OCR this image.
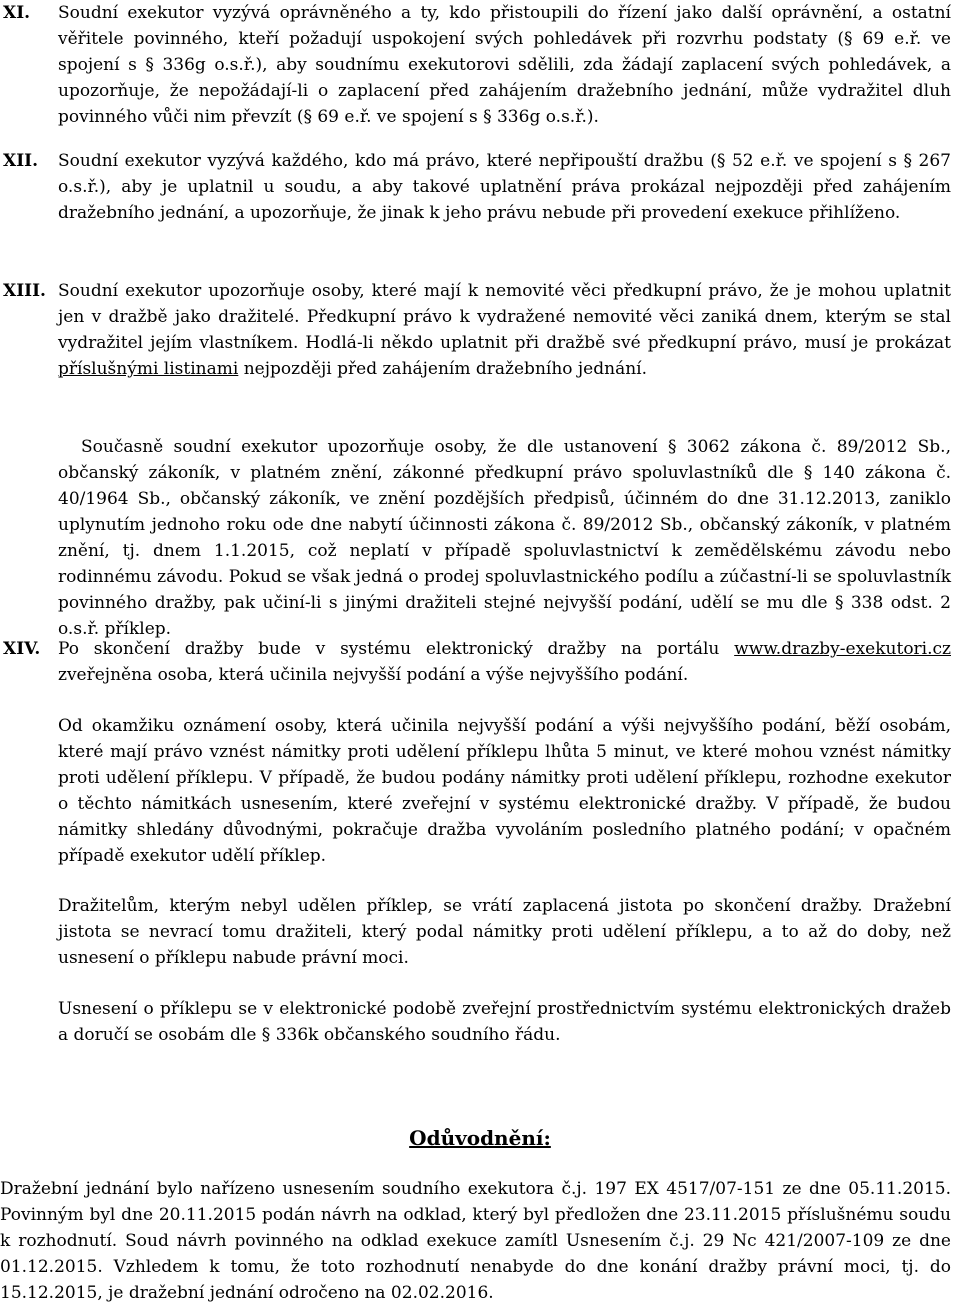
XI. Soudní exekutor vyzývá oprávněného a ty, kdo přistoupili do řízení jako další oprávnění, a ostatní věřitele povinného, kteří požadují uspokojení svých pohledávek při rozvrhu podstaty (§ 69 e.ř. ve spojení s § 336g o.s.ř.), aby soudnímu exekutorovi sdělili, zda žádají zaplacení svých pohledávek, a upozorňuje, že nepožádají-li o zaplacení před zahájením dražebního jednání, může vydražitel dluh povinného vůči nim převzít (§ 69 e.ř. ve spojení s § 336g o.s.ř.).

XII. Soudní exekutor vyzývá každého, kdo má právo, které nepřipouští dražbu (§ 52 e.ř. ve spojení s § 267 o.s.ř.), aby je uplatnil u soudu, a aby takové uplatnění práva prokázal nejpozději před zahájením dražebního jednání, a upozorňuje, že jinak k jeho právu nebude při provedení exekuce přihlíženo.

XIII. Soudní exekutor upozorňuje osoby, které mají k nemovité věci předkupní právo, že je mohou uplatnit jen v dražbě jako dražitelé. Předkupní právo k vydražené nemovité věci zaniká dnem, kterým se stal vydražitel jejím vlastníkem. Hodlá-li někdo uplatnit při dražbě své předkupní právo, musí je prokázat příslušnými listinami nejpozději před zahájením dražebního jednání.

Současně soudní exekutor upozorňuje osoby, že dle ustanovení § 3062 zákona č. 89/2012 Sb., občanský zákoník, v platném znění, zákonné předkupní právo spoluvlastníků dle § 140 zákona č. 40/1964 Sb., občanský zákoník, ve znění pozdějších předpisů, účinném do dne 31.12.2013, zaniklo uplynutím jednoho roku ode dne nabytí účinnosti zákona č. 89/2012 Sb., občanský zákoník, v platném znění, tj. dnem 1.1.2015, což neplatí v případě spoluvlastnictví k zemědělskému závodu nebo rodinnému závodu. Pokud se však jedná o prodej spoluvlastnického podílu a zúčastní-li se spoluvlastník povinného dražby, pak učiní-li s jinými dražiteli stejné nejvyšší podání, udělí se mu dle § 338 odst. 2 o.s.ř. příklep.

XIV. Po skončení dražby bude v systému elektronický dražby na portálu www.drazby-exekutori.cz zveřejněna osoba, která učinila nejvyšší podání a výše nejvyššího podání.

Od okamžiku oznámení osoby, která učinila nejvyšší podání a výši nejvyššího podání, běží osobám, které mají právo vznést námitky proti udělení příklepu lhůta 5 minut, ve které mohou vznést námitky proti udělení příklepu. V případě, že budou podány námitky proti udělení příklepu, rozhodne exekutor o těchto námitkách usnesením, které zveřejní v systému elektronické dražby. V případě, že budou námitky shledány důvodnými, pokračuje dražba vyvoláním posledního platného podání; v opačném případě exekutor udělí příklep.

Dražitelům, kterým nebyl udělen příklep, se vrátí zaplacená jistota po skončení dražby. Dražební jistota se nevrací tomu dražiteli, který podal námitky proti udělení příklepu, a to až do doby, než usnesení o příklepu nabude právní moci.

Usnesení o příklepu se v elektronické podobě zveřejní prostřednictvím systému elektronických dražeb a doručí se osobám dle § 336k občanského soudního řádu.

Odůvodnění:

Dražební jednání bylo nařízeno usnesením soudního exekutora č.j. 197 EX 4517/07-151 ze dne 05.11.2015. Povinným byl dne 20.11.2015 podán návrh na odklad, který byl předložen dne 23.11.2015 příslušnému soudu k rozhodnutí. Soud návrh povinného na odklad exekuce zamítl Usnesením č.j. 29 Nc 421/2007-109 ze dne 01.12.2015. Vzhledem k tomu, že toto rozhodnutí nenabyde do dne konání dražby právní moci, tj. do 15.12.2015, je dražební jednání odročeno na 02.02.2016.
